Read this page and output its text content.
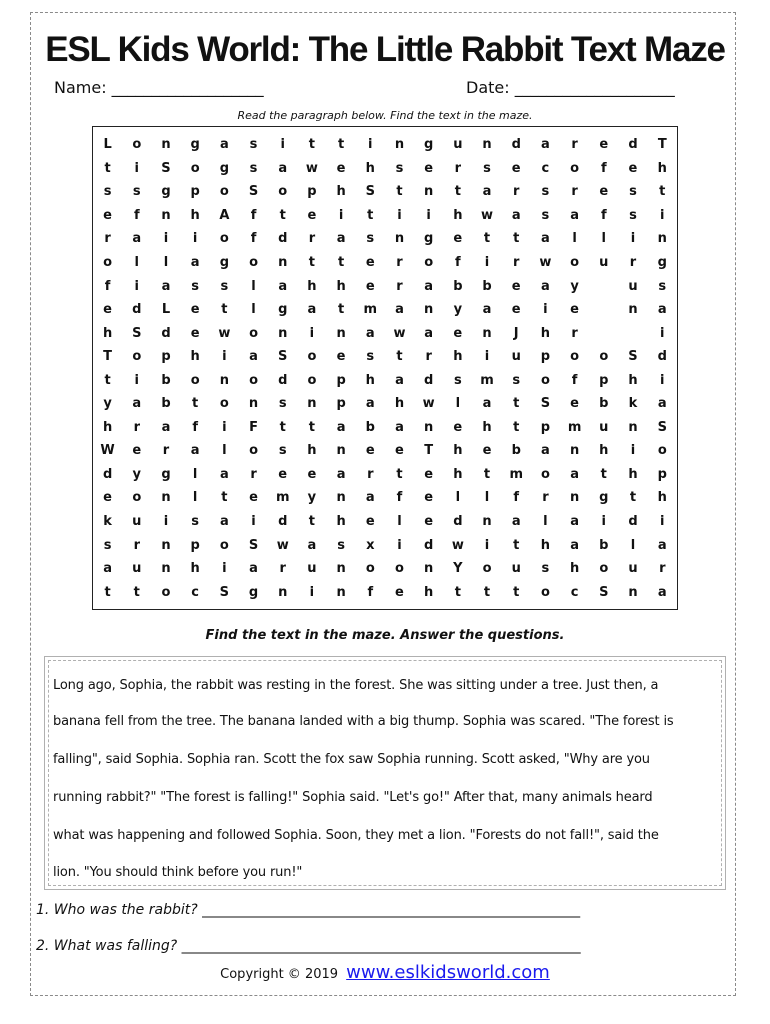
ESL Kids World: The Little Rabbit Text Maze
Name: ___________________	Date: ____________________
Read the paragraph below. Find the text in the maze.
L	o	n	g	a	s	i	t	t	i	n	g	u	n	d	a	r	e	d	T
t	i	S	o	g	s	a	w	e	h	s	e	r	s	e	c	o	f	e	h
s	s	g	p	o	S	o	p	h	S	t	n	t	a	r	s	r	e	s	t
e	f	n	h	A	f	t	e	i	t	i	i	h	w	a	s	a	f	s	i
r	a	i	i	o	f	d	r	a	s	n	g	e	t	t	a	l	l	i	n
o	l	l	a	g	o	n	t	t	e	r	o	f	i	r	w	o	u	r	g
f	i	a	s	s	l	a	h	h	e	r	a	b	b	e	a	y		u	s
e	d	L	e	t	l	g	a	t	m	a	n	y	a	e	i	e		n	a
h	S	d	e	w	o	n	i	n	a	w	a	e	n	J	h	r			i
T	o	p	h	i	a	S	o	e	s	t	r	h	i	u	p	o	o	S	d
t	i	b	o	n	o	d	o	p	h	a	d	s	m	s	o	f	p	h	i
y	a	b	t	o	n	s	n	p	a	h	w	l	a	t	S	e	b	k	a
h	r	a	f	i	F	t	t	a	b	a	n	e	h	t	p	m	u	n	S
W	e	r	a	l	o	s	h	n	e	e	T	h	e	b	a	n	h	i	o
d	y	g	l	a	r	e	e	a	r	t	e	h	t	m	o	a	t	h	p
e	o	n	l	t	e	m	y	n	a	f	e	l	l	f	r	n	g	t	h
k	u	i	s	a	i	d	t	h	e	l	e	d	n	a	l	a	i	d	i
s	r	n	p	o	S	w	a	s	x	i	d	w	i	t	h	a	b	l	a
a	u	n	h	i	a	r	u	n	o	o	n	Y	o	u	s	h	o	u	r
t	t	o	c	S	g	n	i	n	f	e	h	t	t	t	o	c	S	n	a
Find the text in the maze. Answer the questions.
Long ago, Sophia, the rabbit was resting in the forest. She was sitting under a tree. Just then, a
banana fell from the tree. The banana landed with a big thump. Sophia was scared. "The forest is
falling", said Sophia. Sophia ran. Scott the fox saw Sophia running. Scott asked, "Why are you
running rabbit?" "The forest is falling!" Sophia said. "Let's go!" After that, many animals heard
what was happening and followed Sophia. Soon, they met a lion. "Forests do not fall!", said the
lion. "You should think before you run!"
1. Who was the rabbit? ______________________________________________________
2. What was falling? _________________________________________________________
Copyright © 2019 www.eslkidsworld.com
